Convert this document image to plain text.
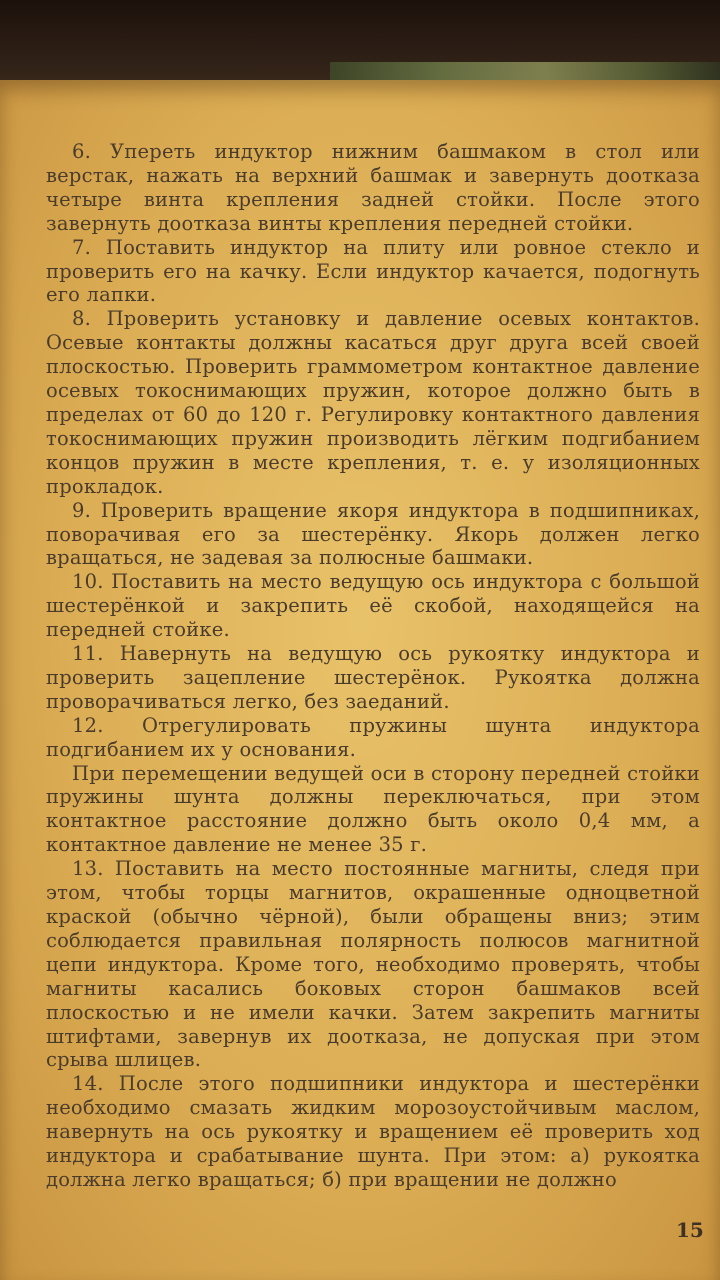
6. Упереть индуктор нижним башмаком в стол или верстак, нажать на верхний башмак и завернуть доотказа четыре винта крепления задней стойки. После этого завернуть доотказа винты крепления передней стойки.

7. Поставить индуктор на плиту или ровное стекло и проверить его на качку. Если индуктор качается, подогнуть его лапки.

8. Проверить установку и давление осевых контактов. Осевые контакты должны касаться друг друга всей своей плоскостью. Проверить граммометром контактное давление осевых токоснимающих пружин, которое должно быть в пределах от 60 до 120 г. Регулировку контактного давления токоснимающих пружин производить лёгким подгибанием концов пружин в месте крепления, т. е. у изоляционных прокладок.

9. Проверить вращение якоря индуктора в подшипниках, поворачивая его за шестерёнку. Якорь должен легко вращаться, не задевая за полюсные башмаки.

10. Поставить на место ведущую ось индуктора с большой шестерёнкой и закрепить её скобой, находящейся на передней стойке.

11. Навернуть на ведущую ось рукоятку индуктора и проверить зацепление шестерёнок. Рукоятка должна проворачиваться легко, без заеданий.

12. Отрегулировать пружины шунта индуктора подгибанием их у основания.

При перемещении ведущей оси в сторону передней стойки пружины шунта должны переключаться, при этом контактное расстояние должно быть около 0,4 мм, а контактное давление не менее 35 г.

13. Поставить на место постоянные магниты, следя при этом, чтобы торцы магнитов, окрашенные одноцветной краской (обычно чёрной), были обращены вниз; этим соблюдается правильная полярность полюсов магнитной цепи индуктора. Кроме того, необходимо проверять, чтобы магниты касались боковых сторон башмаков всей плоскостью и не имели качки. Затем закрепить магниты штифтами, завернув их доотказа, не допуская при этом срыва шлицев.

14. После этого подшипники индуктора и шестерёнки необходимо смазать жидким морозоустойчивым маслом, навернуть на ось рукоятку и вращением её проверить ход индуктора и срабатывание шунта. При этом: а) рукоятка должна легко вращаться; б) при вращении не должно

15
